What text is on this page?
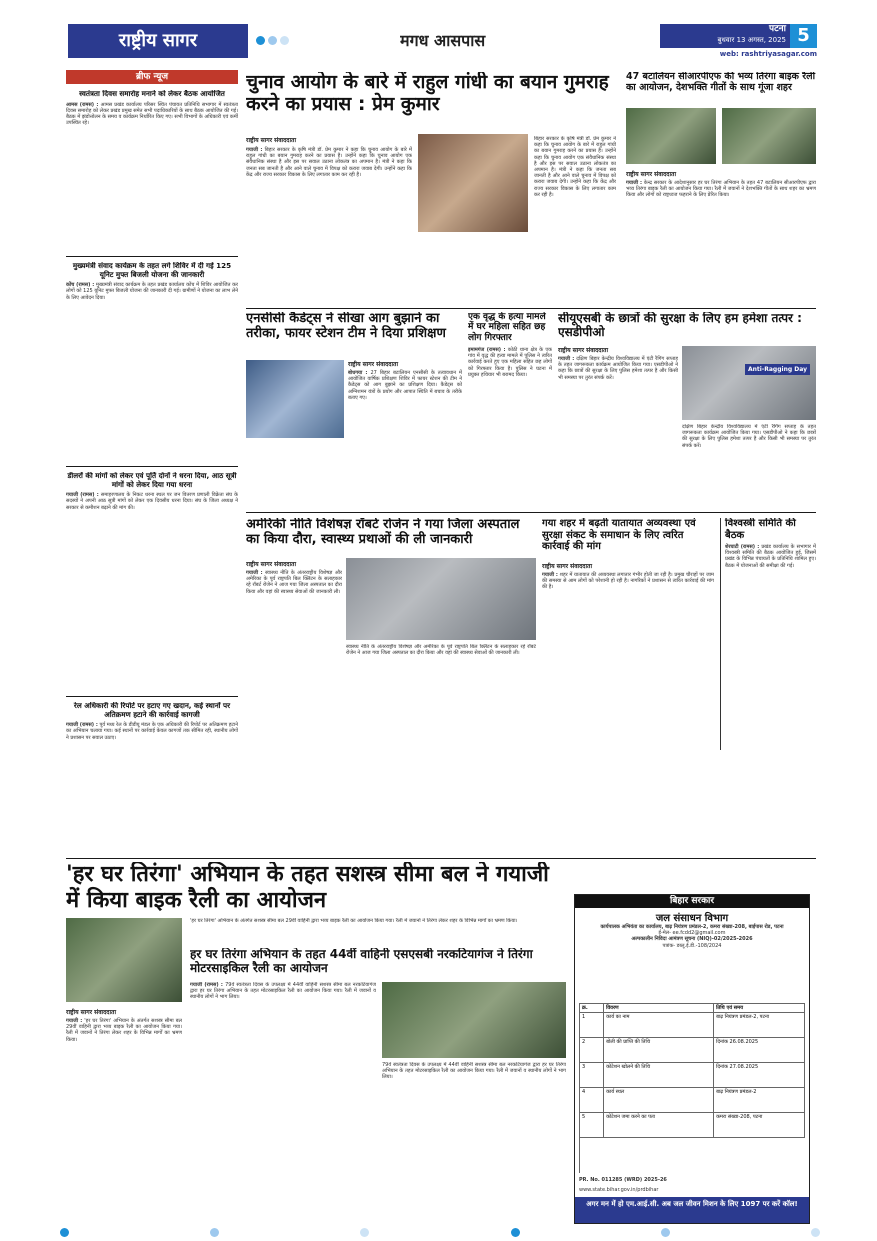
राष्ट्रीय सागर	मगध आसपास
पटना
बुधवार 13 अगस्त, 2025 5
web: rashtriyasagar.com
ब्रीफ न्यूज
स्वतंत्रता दिवस समारोह मनाने को लेकर बैठक आयोजित
आमस (रामस) : आमस प्रखंड कार्यालय परिसर स्थित पंचायत प्रतिनिधि सभागार में स्वतंत्रता दिवस समारोह को लेकर प्रखंड प्रमुख समेत सभी पदाधिकारियों के साथ बैठक आयोजित की गई। बैठक में झंडोत्तोलन के समय व कार्यक्रम निर्धारित किए गए। सभी विभागों के अधिकारी एवं कर्मी उपस्थित रहे।
मुख्यमंत्री संवाद कार्यक्रम के तहत लगे शिविर में दी गई 125 यूनिट मुफ्त बिजली योजना की जानकारी
कोंच (रामस) : मुख्यमंत्री संवाद कार्यक्रम के तहत प्रखंड कार्यालय कोंच में शिविर आयोजित कर लोगों को 125 यूनिट मुफ्त बिजली योजना की जानकारी दी गई। ग्रामीणों ने योजना का लाभ लेने के लिए आवेदन दिया।
डीलरों की मांगों को लेकर एवं पूर्ति दोनों ने धरना दिया, आठ सूत्री मांगों को लेकर दिया गया धरना
गयाजी (रामस) : समाहरणालय के निकट धरना स्थल पर जन वितरण प्रणाली विक्रेता संघ के सदस्यों ने अपनी आठ सूत्री मांगों को लेकर एक दिवसीय धरना दिया। संघ के जिला अध्यक्ष ने सरकार से कमीशन बढ़ाने की मांग की।
रेल अधिकारी की रिपोर्ट पर हटाए गए खदान, कई स्थानों पर अतिक्रमण हटाने की कार्रवाई कागजी
गयाजी (रामस) : पूर्व मध्य रेल के डीडीयू मंडल के एक अधिकारी की रिपोर्ट पर अतिक्रमण हटाने का अभियान चलाया गया। कई स्थानों पर कार्रवाई केवल कागजों तक सीमित रही, स्थानीय लोगों ने प्रशासन पर सवाल उठाए।
चुनाव आयोग के बारे में राहुल गांधी का बयान गुमराह करने का प्रयास : प्रेम कुमार
राष्ट्रीय सागर संवाददाता
गयाजी : बिहार सरकार के कृषि मंत्री डॉ. प्रेम कुमार ने कहा कि चुनाव आयोग के बारे में राहुल गांधी का बयान गुमराह करने का प्रयास है। उन्होंने कहा कि चुनाव आयोग एक संवैधानिक संस्था है और इस पर सवाल उठाना लोकतंत्र का अपमान है। मंत्री ने कहा कि जनता सब जानती है और आने वाले चुनाव में विपक्ष को करारा जवाब देगी। उन्होंने कहा कि केंद्र और राज्य सरकार विकास के लिए लगातार काम कर रही है।
बिहार सरकार के कृषि मंत्री डॉ. प्रेम कुमार ने कहा कि चुनाव आयोग के बारे में राहुल गांधी का बयान गुमराह करने का प्रयास है। उन्होंने कहा कि चुनाव आयोग एक संवैधानिक संस्था है और इस पर सवाल उठाना लोकतंत्र का अपमान है। मंत्री ने कहा कि जनता सब जानती है और आने वाले चुनाव में विपक्ष को करारा जवाब देगी। उन्होंने कहा कि केंद्र और राज्य सरकार विकास के लिए लगातार काम कर रही है।
47 बटालियन सीआरपीएफ की भव्य तिरंगा बाइक रैली का आयोजन, देशभक्ति गीतों के साथ गूंजा शहर
राष्ट्रीय सागर संवाददाता
गयाजी : केन्द्र सरकार के आदेशानुसार हर घर तिरंगा अभियान के तहत 47 बटालियन सीआरपीएफ द्वारा भव्य तिरंगा बाइक रैली का आयोजन किया गया। रैली में जवानों ने देशभक्ति गीतों के साथ शहर का भ्रमण किया और लोगों को राष्ट्रध्वज फहराने के लिए प्रेरित किया।
एनसीसी कैडेट्स ने सीखा आग बुझाने का तरीका, फायर स्टेशन टीम ने दिया प्रशिक्षण
राष्ट्रीय सागर संवाददाता
बोधगया : 27 बिहार बटालियन एनसीसी के तत्वावधान में आयोजित वार्षिक प्रशिक्षण शिविर में फायर स्टेशन की टीम ने कैडेट्स को आग बुझाने का प्रशिक्षण दिया। कैडेट्स को अग्निशमन यंत्रों के प्रयोग और आपात स्थिति में बचाव के तरीके बताए गए।
एक वृद्ध के हत्या मामले में घर महिला सहित छह लोग गिरफ्तार
इमामगंज (रामस) : कोठी थाना क्षेत्र के एक गांव में वृद्ध की हत्या मामले में पुलिस ने त्वरित कार्रवाई करते हुए एक महिला सहित छह लोगों को गिरफ्तार किया है। पुलिस ने घटना में प्रयुक्त हथियार भी बरामद किया।
सीयूएसबी के छात्रों की सुरक्षा के लिए हम हमेशा तत्पर : एसडीपीओ
राष्ट्रीय सागर संवाददाता
गयाजी : दक्षिण बिहार केन्द्रीय विश्वविद्यालय में एंटी रैगिंग सप्ताह के तहत जागरूकता कार्यक्रम आयोजित किया गया। एसडीपीओ ने कहा कि छात्रों की सुरक्षा के लिए पुलिस हमेशा तत्पर है और किसी भी समस्या पर तुरंत संपर्क करें।
Anti-Ragging Day
दक्षिण बिहार केन्द्रीय विश्वविद्यालय में एंटी रैगिंग सप्ताह के तहत जागरूकता कार्यक्रम आयोजित किया गया। एसडीपीओ ने कहा कि छात्रों की सुरक्षा के लिए पुलिस हमेशा तत्पर है और किसी भी समस्या पर तुरंत संपर्क करें।
अमेरिकी नीति विशेषज्ञ रॉबर्ट रोजेन ने गया जिला अस्पताल का किया दौरा, स्वास्थ्य प्रथाओं की ली जानकारी
राष्ट्रीय सागर संवाददाता
गयाजी : स्वास्थ्य नीति के अंतरराष्ट्रीय विशेषज्ञ और अमेरिका के पूर्व राष्ट्रपति बिल क्लिंटन के सलाहकार रहे रॉबर्ट रोजेन ने आज गया जिला अस्पताल का दौरा किया और वहां की स्वास्थ्य सेवाओं की जानकारी ली।
स्वास्थ्य नीति के अंतरराष्ट्रीय विशेषज्ञ और अमेरिका के पूर्व राष्ट्रपति बिल क्लिंटन के सलाहकार रहे रॉबर्ट रोजेन ने आज गया जिला अस्पताल का दौरा किया और वहां की स्वास्थ्य सेवाओं की जानकारी ली।
गया शहर में बढ़ती यातायात अव्यवस्था एवं सुरक्षा संकट के समाधान के लिए त्वरित कार्रवाई की मांग
राष्ट्रीय सागर संवाददाता
गयाजी : शहर में यातायात की अव्यवस्था लगातार गंभीर होती जा रही है। प्रमुख चौराहों पर जाम की समस्या से आम लोगों को परेशानी हो रही है। नागरिकों ने प्रशासन से त्वरित कार्रवाई की मांग की है।
विश्वस्त्री समिति की बैठक
शेरघाटी (रामस) : प्रखंड कार्यालय के सभागार में विश्वस्त्री समिति की बैठक आयोजित हुई, जिसमें प्रखंड के विभिन्न पंचायतों के प्रतिनिधि शामिल हुए। बैठक में योजनाओं की समीक्षा की गई।
'हर घर तिरंगा' अभियान के तहत सशस्त्र सीमा बल ने गयाजी में किया बाइक रैली का आयोजन
राष्ट्रीय सागर संवाददाता
गयाजी : 'हर घर तिरंगा' अभियान के अंतर्गत सशस्त्र सीमा बल 29वीं वाहिनी द्वारा भव्य बाइक रैली का आयोजन किया गया। रैली में जवानों ने तिरंगा लेकर शहर के विभिन्न मार्गों का भ्रमण किया।
'हर घर तिरंगा' अभियान के अंतर्गत सशस्त्र सीमा बल 29वीं वाहिनी द्वारा भव्य बाइक रैली का आयोजन किया गया। रैली में जवानों ने तिरंगा लेकर शहर के विभिन्न मार्गों का भ्रमण किया।
हर घर तिरंगा अभियान के तहत 44वीं वाहिनी एसएसबी नरकटियागंज ने तिरंगा मोटरसाइकिल रैली का आयोजन
गयाजी (रामस) : 79वें स्वतंत्रता दिवस के उपलक्ष्य में 44वीं वाहिनी सशस्त्र सीमा बल नरकटियागंज द्वारा हर घर तिरंगा अभियान के तहत मोटरसाइकिल रैली का आयोजन किया गया। रैली में जवानों व स्थानीय लोगों ने भाग लिया।
79वें स्वतंत्रता दिवस के उपलक्ष्य में 44वीं वाहिनी सशस्त्र सीमा बल नरकटियागंज द्वारा हर घर तिरंगा अभियान के तहत मोटरसाइकिल रैली का आयोजन किया गया। रैली में जवानों व स्थानीय लोगों ने भाग लिया।
बिहार सरकार
जल संसाधन विभाग
कार्यपालक अभियंता का कार्यालय, बाढ़ नियंत्रण प्रमंडल-2, कमरा संख्या-208, बाईपास रोड, पटना
ई-मेल- ee.fcdd2@gmail.com
अल्पकालीन निविदा आमंत्रण सूचना (NIQ)-02/2025-2026
पत्रांक- डब्लू.ई.डी.-108/2024
क्र.	विवरण	तिथि एवं समय
1	कार्य का नाम	बाढ़ नियंत्रण प्रमंडल-2, पटना
2	बोली की प्राप्ति की तिथि	दिनांक 26.08.2025
3	कोटेशन खोलने की तिथि	दिनांक 27.08.2025
4	कार्य स्थल	बाढ़ नियंत्रण प्रमंडल-2
5	कोटेशन जमा करने का पता	कमरा संख्या-208, पटना
PR. No. 011285 (WRD) 2025-26
www.state.bihar.gov.in/prdbihar
अगर मन में हो एम.आई.सी. अब जल जीवन मिशन के लिए 1097 पर करें कॉल!
